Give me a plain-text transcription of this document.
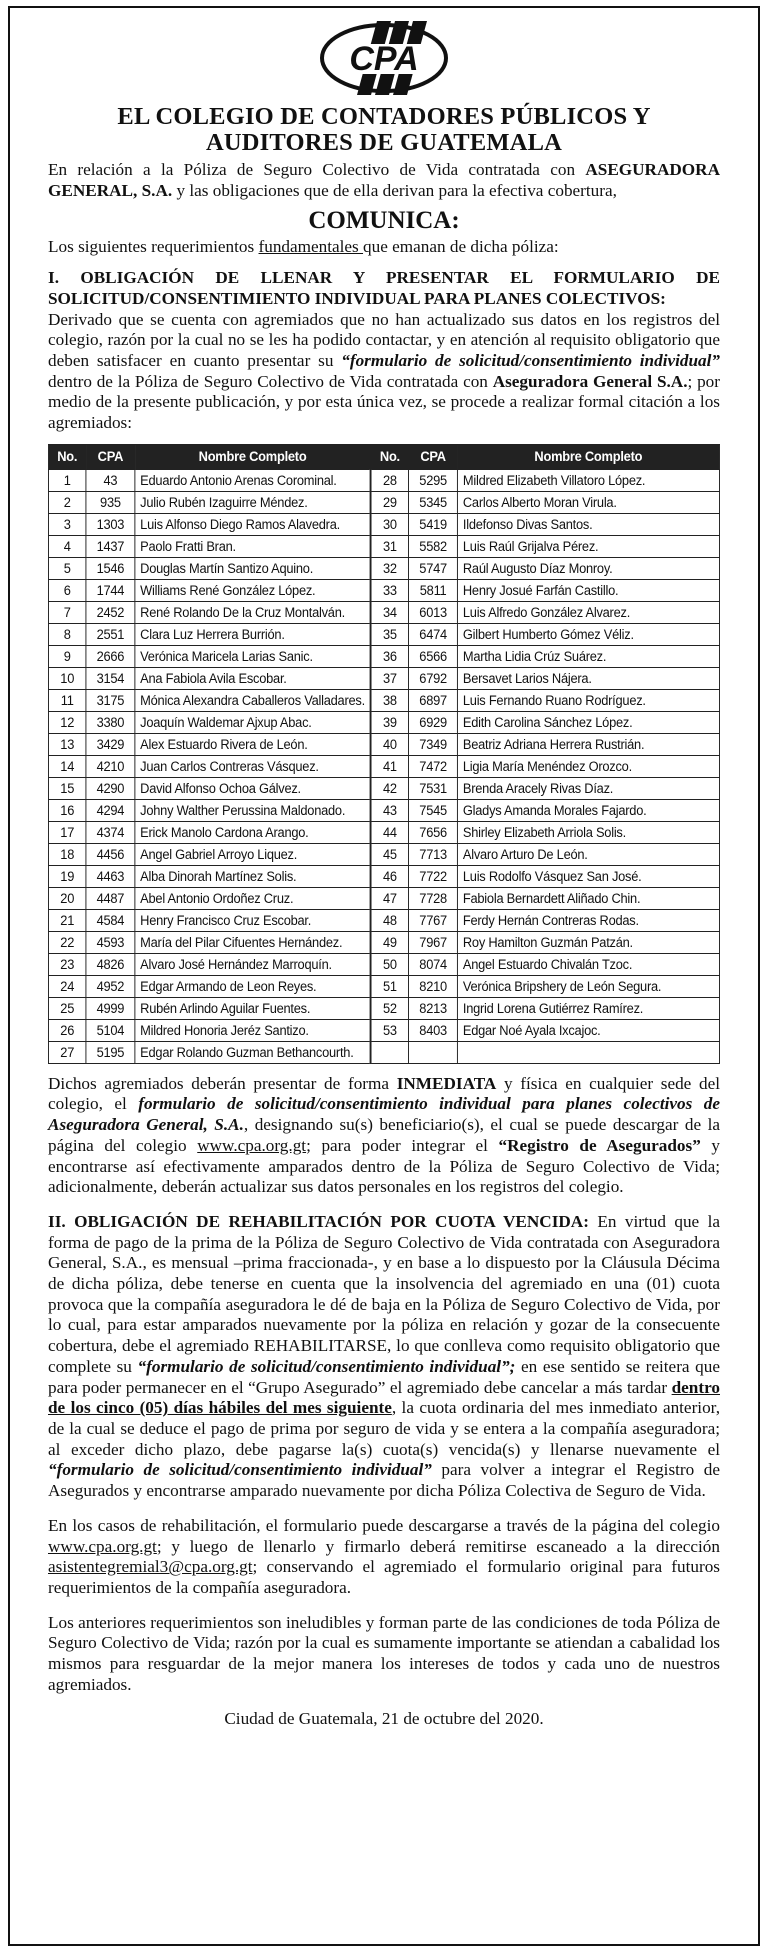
CPA
EL COLEGIO DE CONTADORES PÚBLICOS Y AUDITORES DE GUATEMALA

En relación a la Póliza de Seguro Colectivo de Vida contratada con ASEGURADORA GENERAL, S.A. y las obligaciones que de ella derivan para la efectiva cobertura,

COMUNICA:

Los siguientes requerimientos fundamentales que emanan de dicha póliza:

I. OBLIGACIÓN DE LLENAR Y PRESENTAR EL FORMULARIO DE SOLICITUD/CONSENTIMIENTO INDIVIDUAL PARA PLANES COLECTIVOS:

Derivado que se cuenta con agremiados que no han actualizado sus datos en los registros del colegio, razón por la cual no se les ha podido contactar, y en atención al requisito obligatorio que deben satisfacer en cuanto presentar su “formulario de solicitud/consentimiento individual” dentro de la Póliza de Seguro Colectivo de Vida contratada con Aseguradora General S.A.; por medio de la presente publicación, y por esta única vez, se procede a realizar formal citación a los agremiados:

No.	CPA	Nombre Completo	No.	CPA	Nombre Completo
1	43	Eduardo Antonio Arenas Corominal.	28	5295	Mildred Elizabeth Villatoro López.
2	935	Julio Rubén Izaguirre Méndez.	29	5345	Carlos Alberto Moran Virula.
3	1303	Luis Alfonso Diego Ramos Alavedra.	30	5419	Ildefonso Divas Santos.
4	1437	Paolo Fratti Bran.	31	5582	Luis Raúl Grijalva Pérez.
5	1546	Douglas Martín Santizo Aquino.	32	5747	Raúl Augusto Díaz Monroy.
6	1744	Williams René González López.	33	5811	Henry Josué Farfán Castillo.
7	2452	René Rolando De la Cruz Montalván.	34	6013	Luis Alfredo González Alvarez.
8	2551	Clara Luz Herrera Burrión.	35	6474	Gilbert Humberto Gómez Véliz.
9	2666	Verónica Maricela Larias Sanic.	36	6566	Martha Lidia Crúz Suárez.
10	3154	Ana Fabiola Avila Escobar.	37	6792	Bersavet Larios Nájera.
11	3175	Mónica Alexandra Caballeros Valladares.	38	6897	Luis Fernando Ruano Rodríguez.
12	3380	Joaquín Waldemar Ajxup Abac.	39	6929	Edith Carolina Sánchez López.
13	3429	Alex Estuardo Rivera de León.	40	7349	Beatriz Adriana Herrera Rustrián.
14	4210	Juan Carlos Contreras Vásquez.	41	7472	Ligia María Menéndez Orozco.
15	4290	David Alfonso Ochoa Gálvez.	42	7531	Brenda Aracely Rivas Díaz.
16	4294	Johny Walther Perussina Maldonado.	43	7545	Gladys Amanda Morales Fajardo.
17	4374	Erick Manolo Cardona Arango.	44	7656	Shirley Elizabeth Arriola Solis.
18	4456	Angel Gabriel Arroyo Liquez.	45	7713	Alvaro Arturo De León.
19	4463	Alba Dinorah Martínez Solis.	46	7722	Luis Rodolfo Vásquez San José.
20	4487	Abel Antonio Ordoñez Cruz.	47	7728	Fabiola Bernardett Aliñado Chin.
21	4584	Henry Francisco Cruz Escobar.	48	7767	Ferdy Hernán Contreras Rodas.
22	4593	María del Pilar Cifuentes Hernández.	49	7967	Roy Hamilton Guzmán Patzán.
23	4826	Alvaro José Hernández Marroquín.	50	8074	Angel Estuardo Chivalán Tzoc.
24	4952	Edgar Armando de Leon Reyes.	51	8210	Verónica Bripshery de León Segura.
25	4999	Rubén Arlindo Aguilar Fuentes.	52	8213	Ingrid Lorena Gutiérrez Ramírez.
26	5104	Mildred Honoria Jeréz Santizo.	53	8403	Edgar Noé Ayala Ixcajoc.
27	5195	Edgar Rolando Guzman Bethancourth.			

Dichos agremiados deberán presentar de forma INMEDIATA y física en cualquier sede del colegio, el formulario de solicitud/consentimiento individual para planes colectivos de Aseguradora General, S.A., designando su(s) beneficiario(s), el cual se puede descargar de la página del colegio www.cpa.org.gt; para poder integrar el “Registro de Asegurados” y encontrarse así efectivamente amparados dentro de la Póliza de Seguro Colectivo de Vida; adicionalmente, deberán actualizar sus datos personales en los registros del colegio.

II. OBLIGACIÓN DE REHABILITACIÓN POR CUOTA VENCIDA: En virtud que la forma de pago de la prima de la Póliza de Seguro Colectivo de Vida contratada con Aseguradora General, S.A., es mensual –prima fraccionada-, y en base a lo dispuesto por la Cláusula Décima de dicha póliza, debe tenerse en cuenta que la insolvencia del agremiado en una (01) cuota provoca que la compañía aseguradora le dé de baja en la Póliza de Seguro Colectivo de Vida, por lo cual, para estar amparados nuevamente por la póliza en relación y gozar de la consecuente cobertura, debe el agremiado REHABILITARSE, lo que conlleva como requisito obligatorio que complete su “formulario de solicitud/consentimiento individual”; en ese sentido se reitera que para poder permanecer en el “Grupo Asegurado” el agremiado debe cancelar a más tardar dentro de los cinco (05) días hábiles del mes siguiente, la cuota ordinaria del mes inmediato anterior, de la cual se deduce el pago de prima por seguro de vida y se entera a la compañía aseguradora; al exceder dicho plazo, debe pagarse la(s) cuota(s) vencida(s) y llenarse nuevamente el “formulario de solicitud/consentimiento individual” para volver a integrar el Registro de Asegurados y encontrarse amparado nuevamente por dicha Póliza Colectiva de Seguro de Vida.

En los casos de rehabilitación, el formulario puede descargarse a través de la página del colegio www.cpa.org.gt; y luego de llenarlo y firmarlo deberá remitirse escaneado a la dirección asistentegremial3@cpa.org.gt; conservando el agremiado el formulario original para futuros requerimientos de la compañía aseguradora.

Los anteriores requerimientos son ineludibles y forman parte de las condiciones de toda Póliza de Seguro Colectivo de Vida; razón por la cual es sumamente importante se atiendan a cabalidad los mismos para resguardar de la mejor manera los intereses de todos y cada uno de nuestros agremiados.

Ciudad de Guatemala, 21 de octubre del 2020.
